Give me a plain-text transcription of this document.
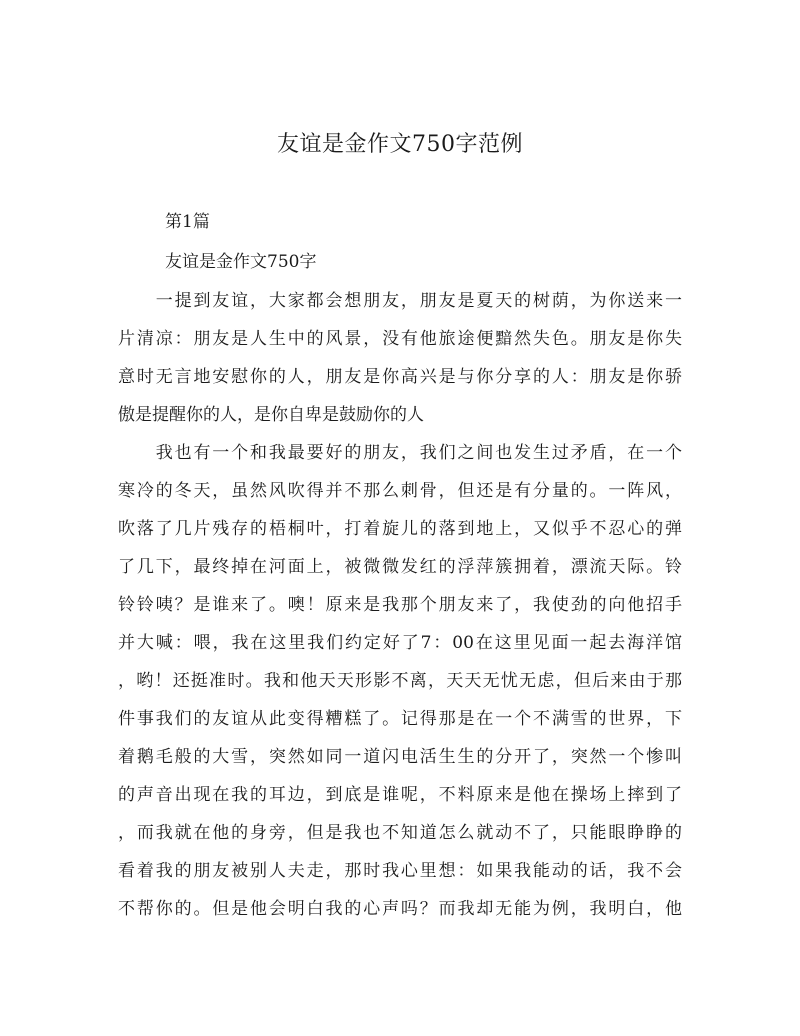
友谊是金作文750字范例
第1篇
友谊是金作文750字
　　一提到友谊，大家都会想朋友，朋友是夏天的树荫，为你送来一
片清凉：朋友是人生中的风景，没有他旅途便黯然失色。朋友是你失
意时无言地安慰你的人，朋友是你高兴是与你分享的人：朋友是你骄
傲是提醒你的人，是你自卑是鼓励你的人
　　我也有一个和我最要好的朋友，我们之间也发生过矛盾，在一个
寒冷的冬天，虽然风吹得并不那么刺骨，但还是有分量的。一阵风，
吹落了几片残存的梧桐叶，打着旋儿的落到地上，又似乎不忍心的弹
了几下，最终掉在河面上，被微微发红的浮萍簇拥着，漂流天际。铃
铃铃咦？是谁来了。噢！原来是我那个朋友来了，我使劲的向他招手
并大喊：喂，我在这里我们约定好了7：00在这里见面一起去海洋馆
，哟！还挺准时。我和他天天形影不离，天天无忧无虑，但后来由于那
件事我们的友谊从此变得糟糕了。记得那是在一个不满雪的世界，下
着鹅毛般的大雪，突然如同一道闪电活生生的分开了，突然一个惨叫
的声音出现在我的耳边，到底是谁呢，不料原来是他在操场上摔到了
，而我就在他的身旁，但是我也不知道怎么就动不了，只能眼睁睁的
看着我的朋友被别人夫走，那时我心里想：如果我能动的话，我不会
不帮你的。但是他会明白我的心声吗？而我却无能为例，我明白，他
